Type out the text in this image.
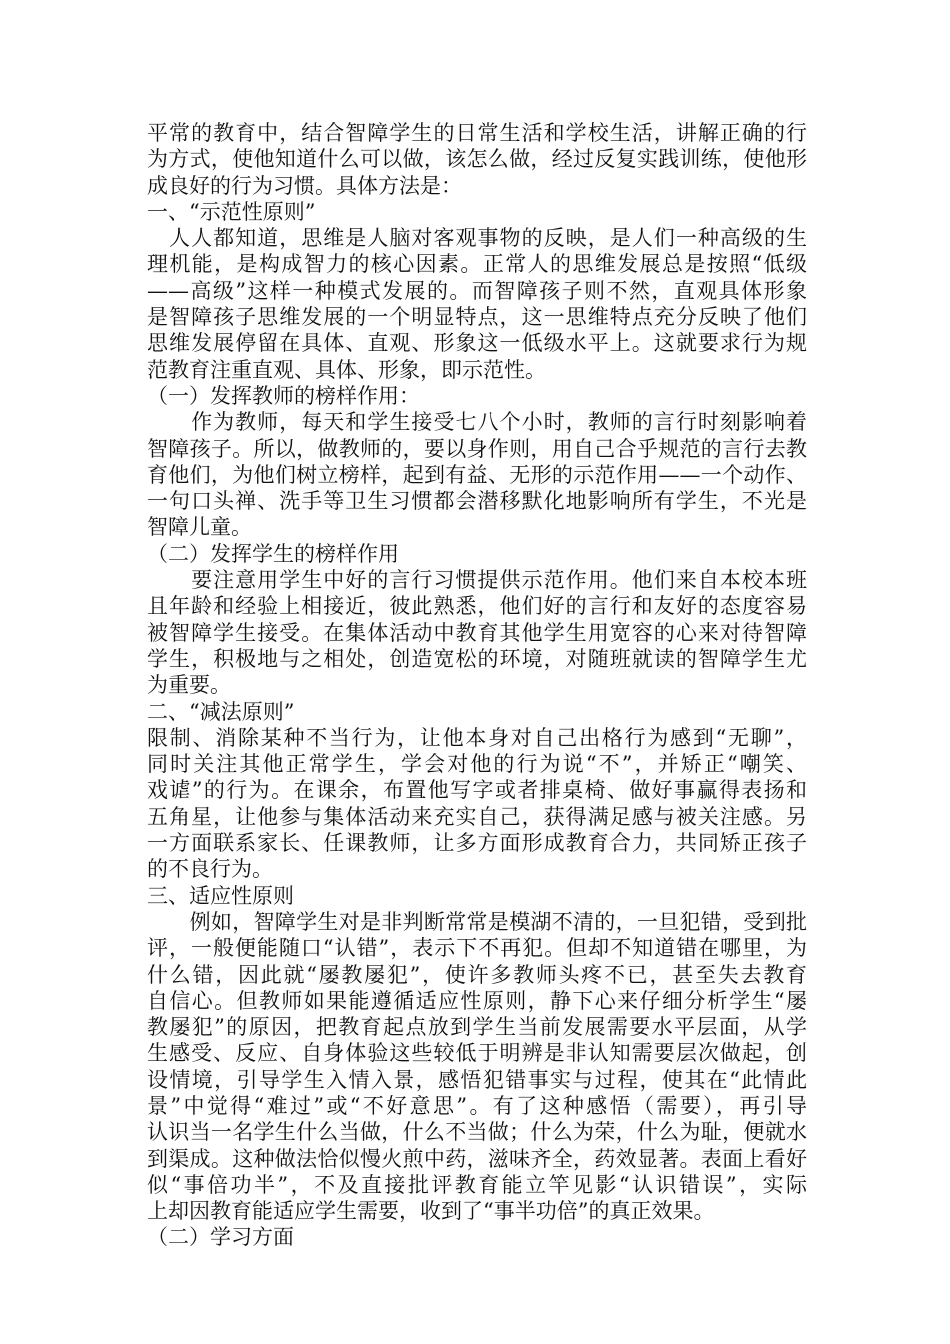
平常的教育中，结合智障学生的日常生活和学校生活，讲解正确的行
为方式，使他知道什么可以做，该怎么做，经过反复实践训练，使他形
成良好的行为习惯。具体方法是：
一、“示范性原则”
　人人都知道，思维是人脑对客观事物的反映，是人们一种高级的生
理机能，是构成智力的核心因素。正常人的思维发展总是按照“低级
——高级”这样一种模式发展的。而智障孩子则不然，直观具体形象
是智障孩子思维发展的一个明显特点，这一思维特点充分反映了他们
思维发展停留在具体、直观、形象这一低级水平上。这就要求行为规
范教育注重直观、具体、形象，即示范性。
（一）发挥教师的榜样作用：
　　作为教师，每天和学生接受七八个小时，教师的言行时刻影响着
智障孩子。所以，做教师的，要以身作则，用自己合乎规范的言行去教
育他们，为他们树立榜样，起到有益、无形的示范作用——一个动作、
一句口头禅、洗手等卫生习惯都会潜移默化地影响所有学生，不光是
智障儿童。
（二）发挥学生的榜样作用
　　要注意用学生中好的言行习惯提供示范作用。他们来自本校本班
且年龄和经验上相接近，彼此熟悉，他们好的言行和友好的态度容易
被智障学生接受。在集体活动中教育其他学生用宽容的心来对待智障
学生，积极地与之相处，创造宽松的环境，对随班就读的智障学生尤
为重要。
二、“减法原则”
限制、消除某种不当行为，让他本身对自己出格行为感到“无聊”，
同时关注其他正常学生，学会对他的行为说“不”，并矫正“嘲笑、
戏谑”的行为。在课余，布置他写字或者排桌椅、做好事赢得表扬和
五角星，让他参与集体活动来充实自己，获得满足感与被关注感。另
一方面联系家长、任课教师，让多方面形成教育合力，共同矫正孩子
的不良行为。
三、适应性原则
　　例如，智障学生对是非判断常常是模湖不清的，一旦犯错，受到批
评，一般便能随口“认错”，表示下不再犯。但却不知道错在哪里，为
什么错，因此就“屡教屡犯”，使许多教师头疼不已，甚至失去教育
自信心。但教师如果能遵循适应性原则，静下心来仔细分析学生“屡
教屡犯”的原因，把教育起点放到学生当前发展需要水平层面，从学
生感受、反应、自身体验这些较低于明辨是非认知需要层次做起，创
设情境，引导学生入情入景，感悟犯错事实与过程，使其在“此情此
景”中觉得“难过”或“不好意思”。有了这种感悟（需要），再引导
认识当一名学生什么当做，什么不当做；什么为荣，什么为耻，便就水
到渠成。这种做法恰似慢火煎中药，滋味齐全，药效显著。表面上看好
似“事倍功半”，不及直接批评教育能立竿见影“认识错误”，实际
上却因教育能适应学生需要，收到了“事半功倍”的真正效果。
（二）学习方面
